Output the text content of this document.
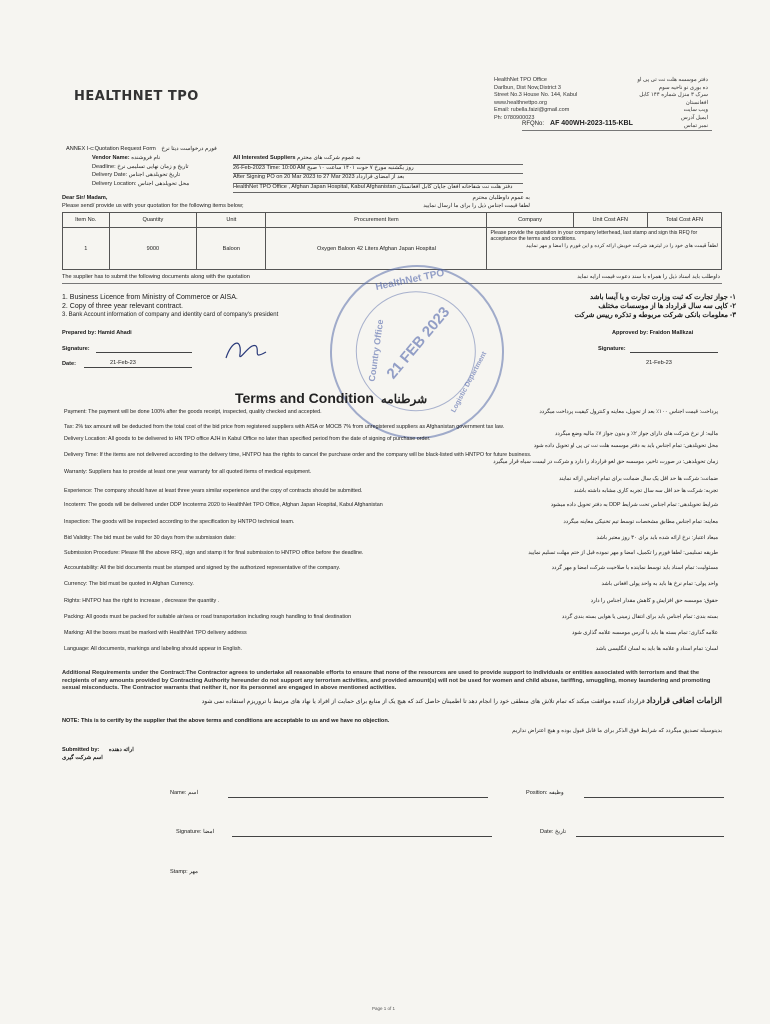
HEALTHNET TPO
HealthNet TPO Office
Darlbun, Dist Now,District 3
Street No.3 House No. 144, Kabul
www.healthnettpo.org
Email: rubella.faizi@gmail.com
Ph: 0780900023
دفتر موسسه هلت نت تی پی او
ده بوری نو ناحیه سوم
سرک ۳ منزل شماره ۱۴۴ کابل افغانستان
ویب سایت
ایمیل آدرس
نمبر تماس
RFQNo: AF 400WH-2023-115-KBL
ANNEX I-c:Quotation Request Form فورم درخواست دیتا نرخ
Vendor Name: نام فروشنده
Deadline: تاریخ و زمان نهایی تسلیمی نرخ
Delivery Date: تاریخ تحویلدهی اجناس
Delivery Location: محل تحویلدهی اجناس
All Interested Suppliers به عموم شرکت های محترم
26-Feb-2023 Time: 10:00 AM روز یکشنبه مورخ ۷ حوت ۱۴۰۱ ساعت ۱۰ صبح
After Signing PO on 20 Mar 2023 to 27 Mar 2023 بعد از امضای قرارداد
HealthNet TPO Office , Afghan Japan Hospital, Kabul Afghanistan دفتر هلت نت شفاخانه افغان جاپان کابل افغانستان
Dear Sir/ Madam,
Please send/ provide us with your quotation for the following items below;
به عموم داوطلبان محترم
لطفا قیمت اجناس ذیل را برای ما ارسال نمایید
Item No.	Quantity	Unit	Procurement Item	Company	Unit Cost AFN	Total Cost AFN
1	9000	Baloon	Oxygen Baloon 42 Liters Afghan Japan Hospital	Please provide the quotation in your company letterhead, last stamp and sign this RFQ for acceptance the terms and conditions.
لطفاً قیمت های خود را در لیترهد شرکت خویش ارائه کرده و این فورم را امضا و مهر نمایید		
The supplier has to submit the following documents along with the quotation	داوطلب باید اسناد ذیل را همراه با سند دعوت قیمت ارایه نماید
1. Business Licence from Ministry of Commerce or AISA.
2. Copy of three year relevant contract.
3. Bank Account information of company and identity card of company's president
۱- جواز تجارت که ثبت وزارت تجارت و یا آیسا باشد
۲- کاپی سه سال قرارداد ها از موسسات مختلف
۳- معلومات بانکی شرکت مربوطه و تذکره رییس شرکت
Prepared by: Hamid Ahadi	Approved by: Fraidon Mallkzai
Signature:	Signature:
Date:	21-Feb-23	21-Feb-23
HealthNet TPO
Country Office
Logistic Department
21 FEB 2023
Terms and Condition شرطنامه
Payment: The payment will be done 100% after the goods receipt, inspected, quality checked and accepted.
Tax: 2% tax amount will be deducted from the total cost of the bid price from registered suppliers with AISA or MOCB 7% from unregistered suppliers as Afghanistan government tax law.
Delivery Location: All goods to be delivered to HN TPO office AJH in Kabul Office no later than specified period from the date of signing of purchase order.
Delivery Time: If the items are not delivered according to the delivery time, HNTPO has the rights to cancel the purchase order and the company will be black-listed with HNTPO for future business.
Warranty: Suppliers has to provide at least one year warranty for all quoted items of medical equipment.
Experience: The company should have at least three years similar experience and the copy of contracts should be submitted.
Incoterm: The goods will be delivered under DDP Incoterms 2020 to HealthNet TPO Office, Afghan Japan Hospital, Kabul Afghanistan
Inspection: The goods will be inspected according to the specification by HNTPO technical team.
Bid Validity: The bid must be valid for 30 days from the submission date:
Submission Procedure: Please fill the above RFQ, sign and stamp it for final submission to HNTPO office before the deadline.
Accountability: All the bid documents must be stamped and signed by the authorized representative of the company.
Currency: The bid must be quoted in Afghan Currency.
Rights: HNTPO has the right to increase , decrease the quantity .
Packing: All goods must be packed for suitable air/sea or road transportation including rough handling to final destination
Marking: All the boxes must be marked with HealthNet TPO delivery address
Language: All documents, markings and labeling should appear in English.
پرداخت: قیمت اجناس ۱۰۰٪ بعد از تحویل، معاینه و کنترول کیفیت پرداخت میگردد
مالیه: از نرخ شرکت های دارای جواز ۲٪ و بدون جواز ۷٪ مالیه وضع میگردد
محل تحویلدهی: تمام اجناس باید به دفتر موسسه هلت نت تی پی او تحویل داده شود
زمان تحویلدهی: در صورت تاخیر، موسسه حق لغو قرارداد را دارد و شرکت در لیست سیاه قرار میگیرد
ضمانت: شرکت ها حد اقل یک سال ضمانت برای تمام اجناس ارائه نمایند
تجربه: شرکت ها حد اقل سه سال تجربه کاری مشابه داشته باشند
شرایط تحویلدهی: تمام اجناس تحت شرایط DDP به دفتر تحویل داده میشود
معاینه: تمام اجناس مطابق مشخصات توسط تیم تخنیکی معاینه میگردد
میعاد اعتبار: نرخ ارائه شده باید برای ۳۰ روز معتبر باشد
طریقه تسلیمی: لطفا فورم را تکمیل، امضا و مهر نموده قبل از ختم مهلت تسلیم نمایید
مسئولیت: تمام اسناد باید توسط نماینده با صلاحیت شرکت امضا و مهر گردد
واحد پولی: تمام نرخ ها باید به واحد پولی افغانی باشد
حقوق: موسسه حق افزایش و کاهش مقدار اجناس را دارد
بسته بندی: تمام اجناس باید برای انتقال زمینی یا هوایی بسته بندی گردد
علامه گذاری: تمام بسته ها باید با آدرس موسسه علامه گذاری شود
لسان: تمام اسناد و علامه ها باید به لسان انگلیسی باشد
Additional Requirements under the Contract:The Contractor agrees to undertake all reasonable efforts to ensure that none of the resources are used to provide support to individuals or entities associated with terrorism and that the recipients of any amounts provided by Contracting Authority hereunder do not support any terrorism activities, and provided amount(s) will not be used for women and child abuse, tariffing, smuggling, money laundering and promoting sexual misconducts. The Contractor warrants that neither it, nor its personnel are engaged in above mentioned activities.
الزامات اضافی قرارداد قرارداد کننده موافقت میکند که تمام تلاش های منطقی خود را انجام دهد تا اطمینان حاصل کند که هیچ یک از منابع برای حمایت از افراد یا نهاد های مرتبط با تروریزم استفاده نمی شود
NOTE: This is to certify by the supplier that the above terms and conditions are acceptable to us and we have no objection.
بدینوسیله تصدیق میگردد که شرایط فوق الذکر برای ما قابل قبول بوده و هیچ اعتراض نداریم
Submitted by: ارائه دهنده
اسم شرکت گیری
Name: اسم	Position: وظیفه
Signature: امضا	Date: تاریخ
Stamp: مهر
Page 1 of 1
